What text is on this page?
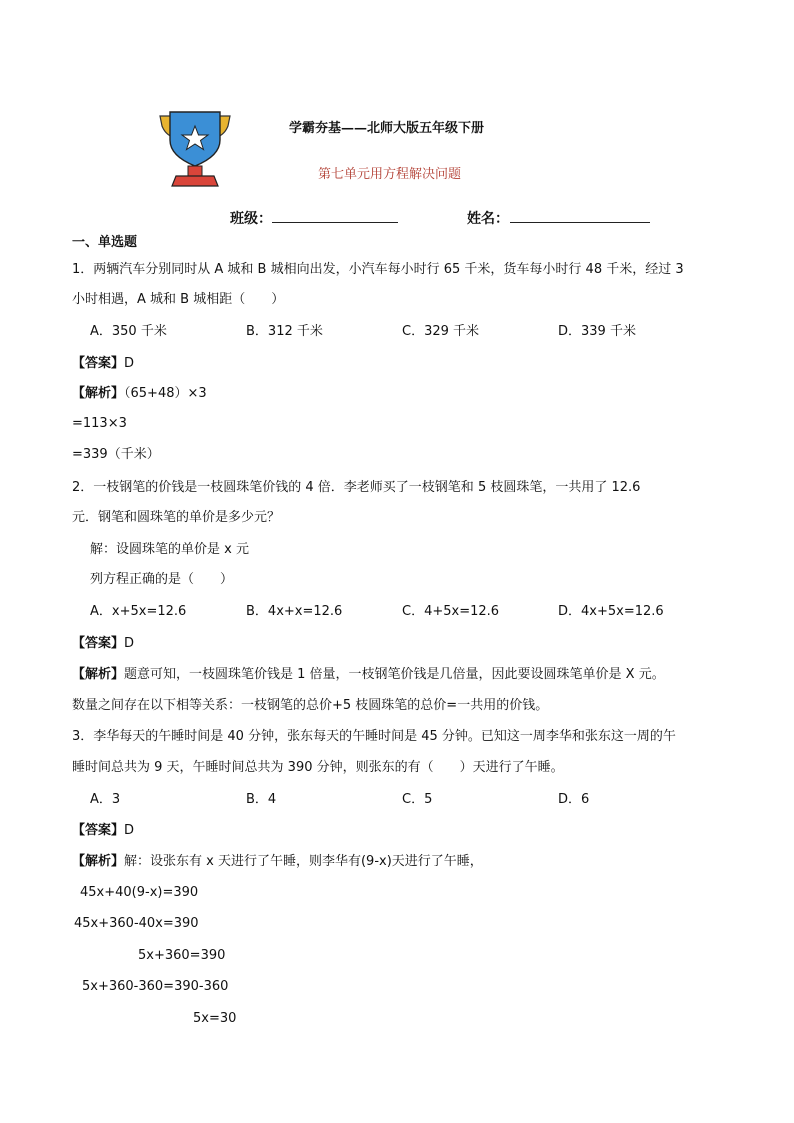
学霸夯基——北师大版五年级下册
第七单元用方程解决问题
班级：	姓名：
一、单选题
1．两辆汽车分别同时从 A 城和 B 城相向出发，小汽车每小时行 65 千米，货车每小时行 48 千米，经过 3
小时相遇，A 城和 B 城相距（　　）
A．350 千米	B．312 千米	C．329 千米	D．339 千米
【答案】D
【解析】（65+48）×3
=113×3
=339（千米）
2．一枝钢笔的价钱是一枝圆珠笔价钱的 4 倍．李老师买了一枝钢笔和 5 枝圆珠笔，一共用了 12.6
元．钢笔和圆珠笔的单价是多少元？
解：设圆珠笔的单价是 x 元
列方程正确的是（　　）
A．x+5x=12.6	B．4x+x=12.6	C．4+5x=12.6	D．4x+5x=12.6
【答案】D
【解析】题意可知，一枝圆珠笔价钱是 1 倍量，一枝钢笔价钱是几倍量，因此要设圆珠笔单价是 X 元。
数量之间存在以下相等关系：一枝钢笔的总价+5 枝圆珠笔的总价=一共用的价钱。
3．李华每天的午睡时间是 40 分钟，张东每天的午睡时间是 45 分钟。已知这一周李华和张东这一周的午
睡时间总共为 9 天，午睡时间总共为 390 分钟，则张东的有（　　）天进行了午睡。
A．3	B．4	C．5	D．6
【答案】D
【解析】解：设张东有 x 天进行了午睡，则李华有(9-x)天进行了午睡，
45x+40(9-x)=390
45x+360-40x=390
5x+360=390
5x+360-360=390-360
5x=30
